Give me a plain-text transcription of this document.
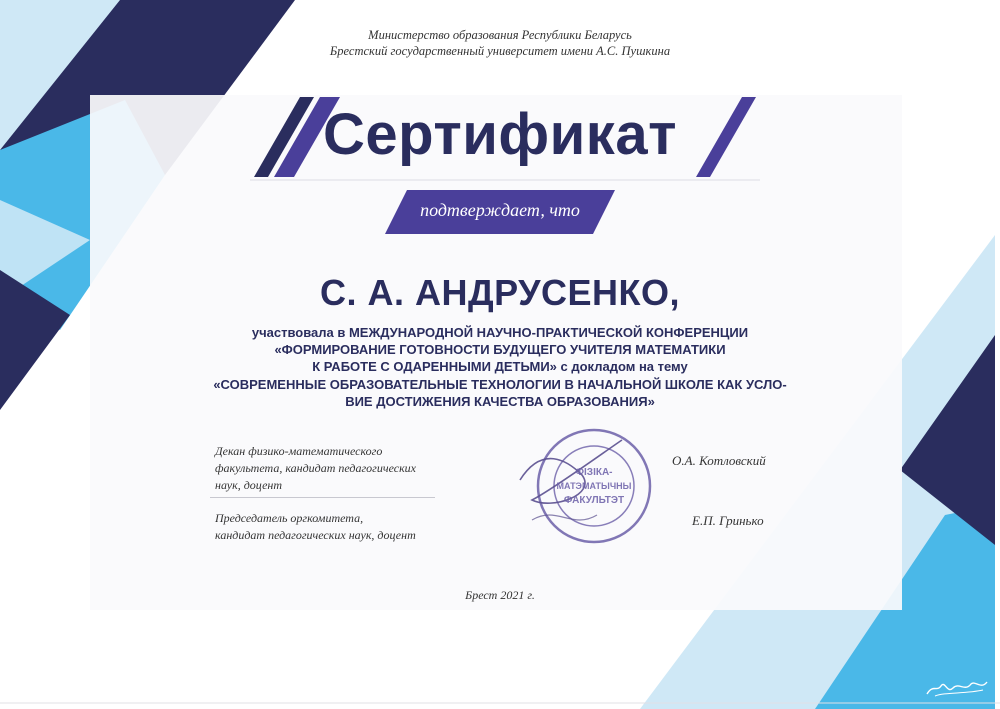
Министерство образования Республики Беларусь
Брестский государственный университет имени А.С. Пушкина
Сертификат
подтверждает, что
С. А. АНДРУСЕНКО,
участвовала в МЕЖДУНАРОДНОЙ НАУЧНО-ПРАКТИЧЕСКОЙ КОНФЕРЕНЦИИ
«ФОРМИРОВАНИЕ ГОТОВНОСТИ БУДУЩЕГО УЧИТЕЛЯ МАТЕМАТИКИ
К РАБОТЕ С ОДАРЕННЫМИ ДЕТЬМИ» с докладом на тему
«СОВРЕМЕННЫЕ ОБРАЗОВАТЕЛЬНЫЕ ТЕХНОЛОГИИ В НАЧАЛЬНОЙ ШКОЛЕ КАК УСЛО-
ВИЕ ДОСТИЖЕНИЯ КАЧЕСТВА ОБРАЗОВАНИЯ»
Декан физико-математического
факультета, кандидат педагогических
наук, доцент
Председатель оргкомитета,
кандидат педагогических наук, доцент
ФIЗIКА-
МАТЭМАТЫЧНЫ
ФАКУЛЬТЭТ
О.А. Котловский
Е.П. Гринько
Брест 2021 г.
